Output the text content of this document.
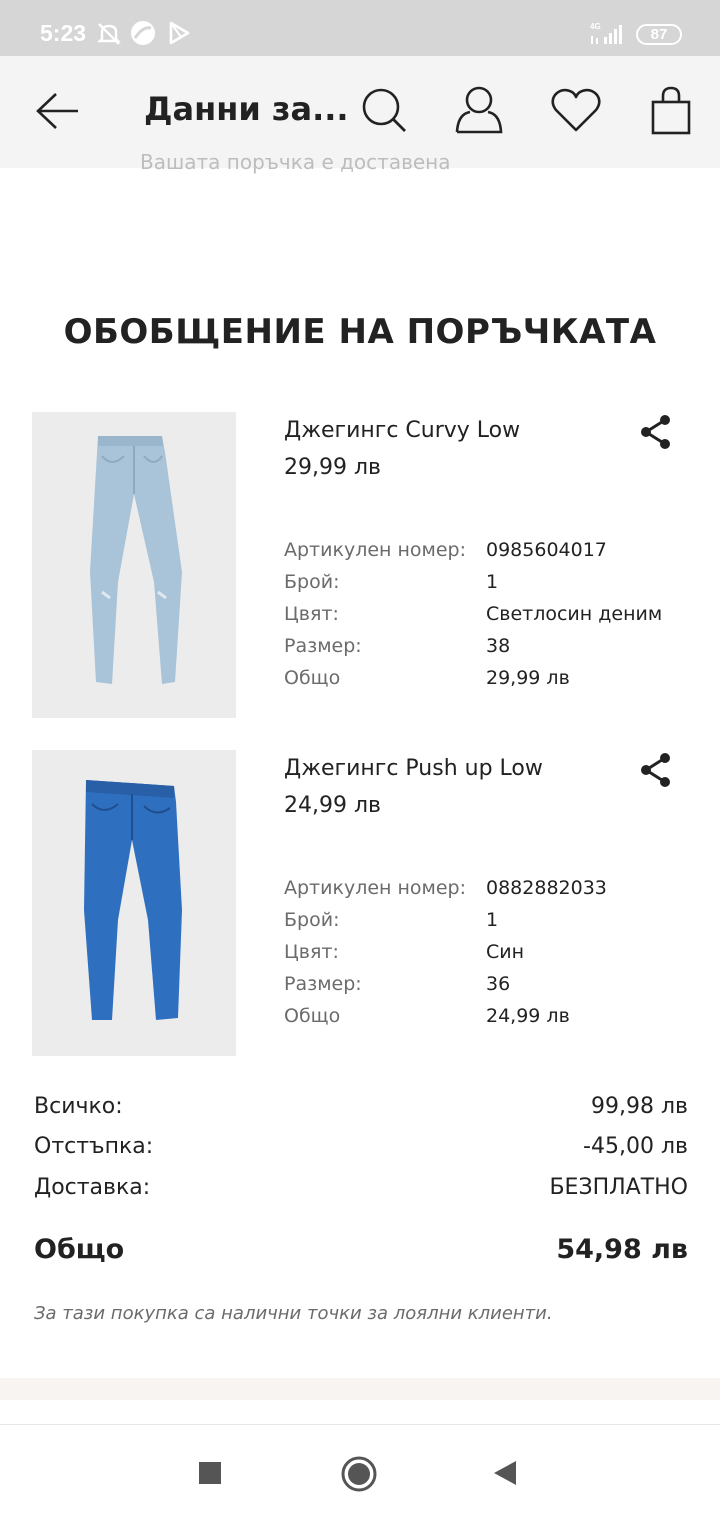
5:23	4G	87
Данни за...
Вашата поръчка е доставена
ОБОБЩЕНИЕ НА ПОРЪЧКАТА
Джегингс Curvy Low
29,99 лв
Артикулен номер: 0985604017
Брой:	1
Цвят:	Светлосин деним
Размер:	38
Общо	29,99 лв
Джегингс Push up Low
24,99 лв
Артикулен номер: 0882882033
Брой:	1
Цвят:	Син
Размер:	36
Общо	24,99 лв
Всичко:	99,98 лв
Отстъпка:	-45,00 лв
Доставка:	БЕЗПЛАТНО
Общо	54,98 лв
За тази покупка са налични точки за лоялни клиенти.
